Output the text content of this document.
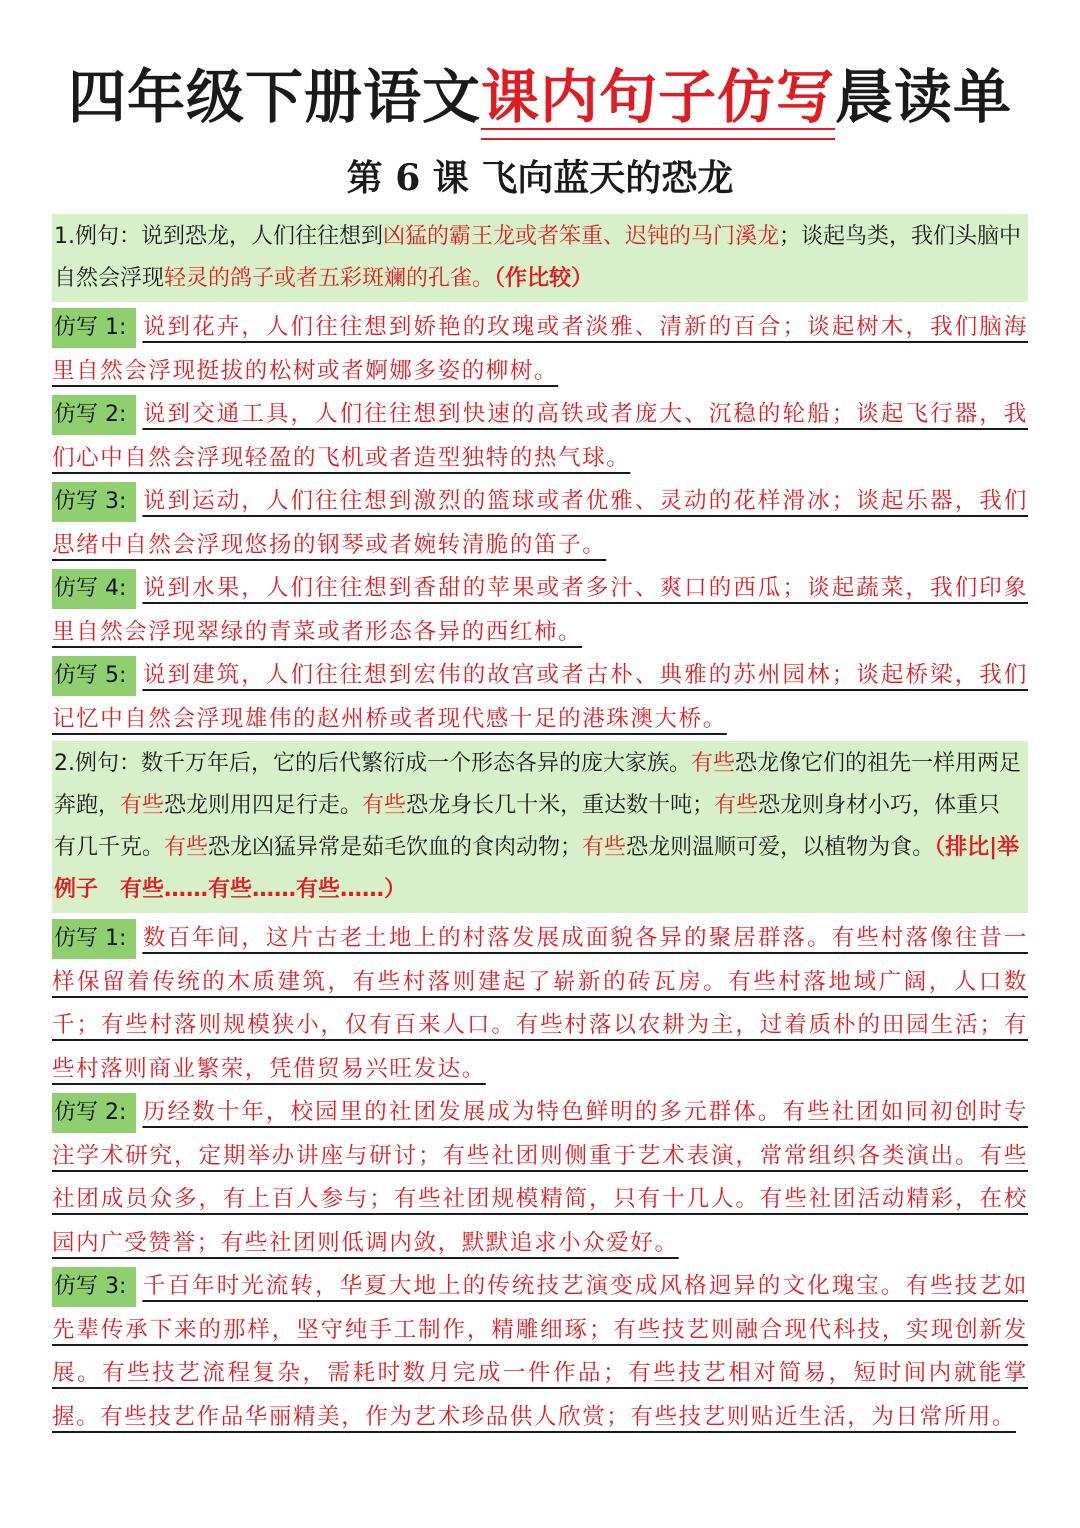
四年级下册语文课内句子仿写晨读单
第 6 课 飞向蓝天的恐龙
1.例句：说到恐龙，人们往往想到凶猛的霸王龙或者笨重、迟钝的马门溪龙；谈起鸟类，我们头脑中自然会浮现轻灵的鸽子或者五彩斑斓的孔雀。（作比较）
仿写 1: 说到花卉，人们往往想到娇艳的玫瑰或者淡雅、清新的百合；谈起树木，我们脑海里自然会浮现挺拔的松树或者婀娜多姿的柳树。
仿写 2: 说到交通工具，人们往往想到快速的高铁或者庞大、沉稳的轮船；谈起飞行器，我们心中自然会浮现轻盈的飞机或者造型独特的热气球。
仿写 3: 说到运动，人们往往想到激烈的篮球或者优雅、灵动的花样滑冰；谈起乐器，我们思绪中自然会浮现悠扬的钢琴或者婉转清脆的笛子。
仿写 4: 说到水果，人们往往想到香甜的苹果或者多汁、爽口的西瓜；谈起蔬菜，我们印象里自然会浮现翠绿的青菜或者形态各异的西红柿。
仿写 5: 说到建筑，人们往往想到宏伟的故宫或者古朴、典雅的苏州园林；谈起桥梁，我们记忆中自然会浮现雄伟的赵州桥或者现代感十足的港珠澳大桥。
2.例句：数千万年后，它的后代繁衍成一个形态各异的庞大家族。有些恐龙像它们的祖先一样用两足奔跑，有些恐龙则用四足行走。有些恐龙身长几十米，重达数十吨；有些恐龙则身材小巧，体重只有几千克。有些恐龙凶猛异常是茹毛饮血的食肉动物；有些恐龙则温顺可爱，以植物为食。（排比|举例子　有些……有些……有些……）
仿写 1: 数百年间，这片古老土地上的村落发展成面貌各异的聚居群落。有些村落像往昔一样保留着传统的木质建筑，有些村落则建起了崭新的砖瓦房。有些村落地域广阔，人口数千；有些村落则规模狭小，仅有百来人口。有些村落以农耕为主，过着质朴的田园生活；有些村落则商业繁荣，凭借贸易兴旺发达。
仿写 2: 历经数十年，校园里的社团发展成为特色鲜明的多元群体。有些社团如同初创时专注学术研究，定期举办讲座与研讨；有些社团则侧重于艺术表演，常常组织各类演出。有些社团成员众多，有上百人参与；有些社团规模精简，只有十几人。有些社团活动精彩，在校园内广受赞誉；有些社团则低调内敛，默默追求小众爱好。
仿写 3: 千百年时光流转，华夏大地上的传统技艺演变成风格迥异的文化瑰宝。有些技艺如先辈传承下来的那样，坚守纯手工制作，精雕细琢；有些技艺则融合现代科技，实现创新发展。有些技艺流程复杂，需耗时数月完成一件作品；有些技艺相对简易，短时间内就能掌握。有些技艺作品华丽精美，作为艺术珍品供人欣赏；有些技艺则贴近生活，为日常所用。
